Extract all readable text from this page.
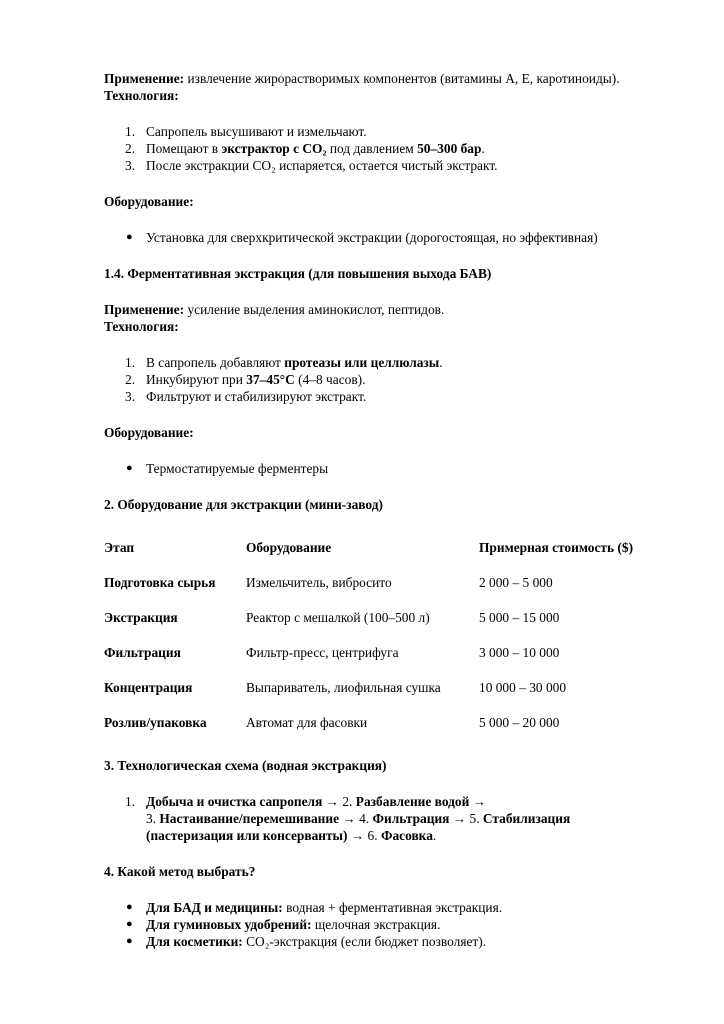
Применение: извлечение жирорастворимых компонентов (витамины A, E, каротиноиды).

Технология:

1. Сапропель высушивают и измельчают.
2. Помещают в экстрактор с CO₂ под давлением 50–300 бар.
3. После экстракции CO₂ испаряется, остается чистый экстракт.

Оборудование:

● Установка для сверхкритической экстракции (дорогостоящая, но эффективная)
1.4. Ферментативная экстракция (для повышения выхода БАВ)

Применение: усиление выделения аминокислот, пептидов.

Технология:

1. В сапропель добавляют протеазы или целлюлазы.
2. Инкубируют при 37–45°C (4–8 часов).
3. Фильтруют и стабилизируют экстракт.

Оборудование:

● Термостатируемые ферментеры
2. Оборудование для экстракции (мини-завод)
Этап	Оборудование	Примерная стоимость ($)
Подготовка сырья	Измельчитель, вибросито	2 000 – 5 000
Экстракция	Реактор с мешалкой (100–500 л)	5 000 – 15 000
Фильтрация	Фильтр-пресс, центрифуга	3 000 – 10 000
Концентрация	Выпариватель, лиофильная сушка	10 000 – 30 000
Розлив/упаковка	Автомат для фасовки	5 000 – 20 000
3. Технологическая схема (водная экстракция)
1. Добыча и очистка сапропеля → 2. Разбавление водой →
3. Настаивание/перемешивание → 4. Фильтрация → 5. Стабилизация
(пастеризация или консерванты) → 6. Фасовка.
4. Какой метод выбрать?
● Для БАД и медицины: водная + ферментативная экстракция.
● Для гуминовых удобрений: щелочная экстракция.
● Для косметики: CO₂-экстракция (если бюджет позволяет).
